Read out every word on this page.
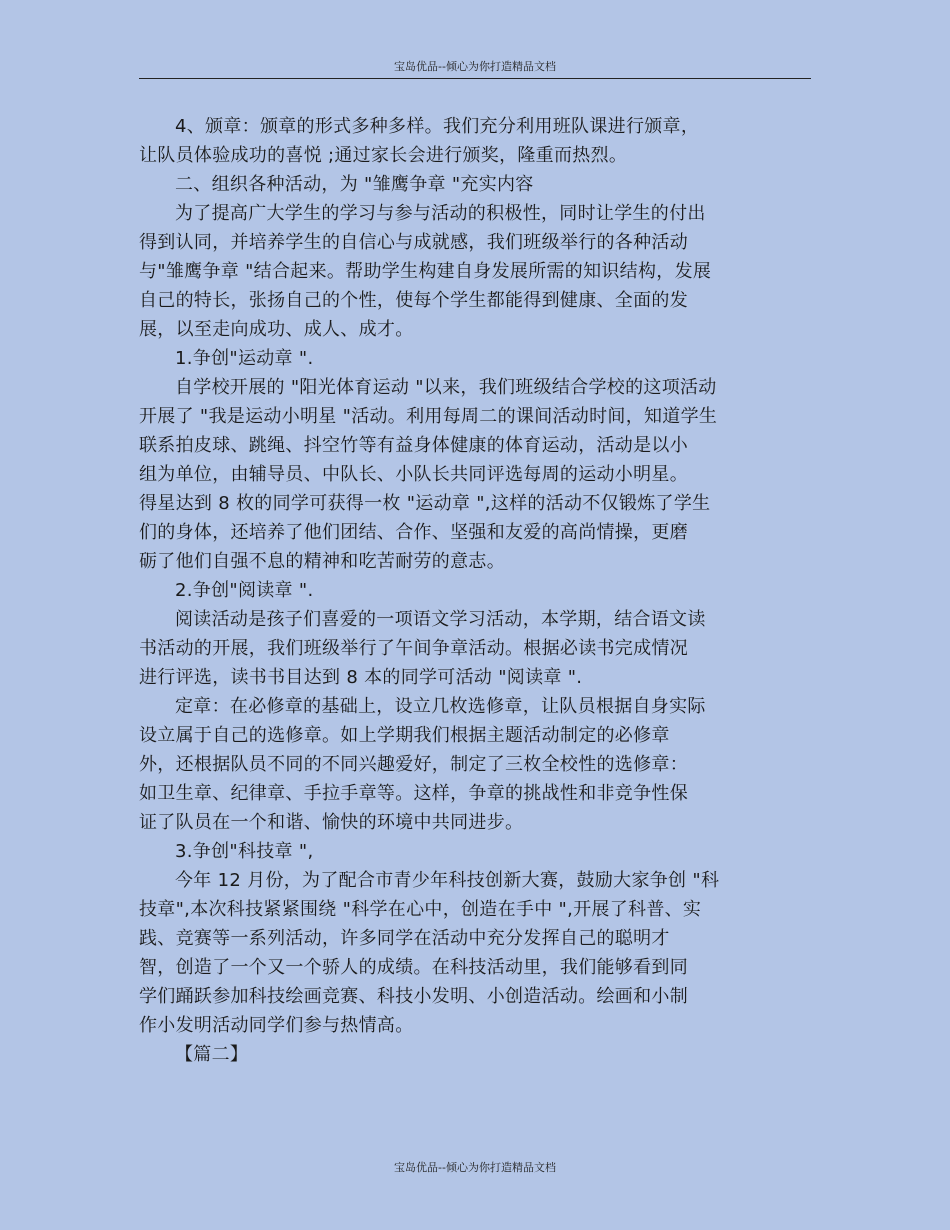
宝岛优品--倾心为你打造精品文档
4、颁章：颁章的形式多种多样。我们充分利用班队课进行颁章，
让队员体验成功的喜悦 ;通过家长会进行颁奖，隆重而热烈。
二、组织各种活动，为 "雏鹰争章 "充实内容
为了提高广大学生的学习与参与活动的积极性，同时让学生的付出
得到认同，并培养学生的自信心与成就感，我们班级举行的各种活动
与"雏鹰争章 "结合起来。帮助学生构建自身发展所需的知识结构，发展
自己的特长，张扬自己的个性，使每个学生都能得到健康、全面的发
展，以至走向成功、成人、成才。
1.争创"运动章 ".
自学校开展的 "阳光体育运动 "以来，我们班级结合学校的这项活动
开展了 "我是运动小明星 "活动。利用每周二的课间活动时间，知道学生
联系拍皮球、跳绳、抖空竹等有益身体健康的体育运动，活动是以小
组为单位，由辅导员、中队长、小队长共同评选每周的运动小明星。
得星达到 8 枚的同学可获得一枚 "运动章 ",这样的活动不仅锻炼了学生
们的身体，还培养了他们团结、合作、坚强和友爱的高尚情操，更磨
砺了他们自强不息的精神和吃苦耐劳的意志。
2.争创"阅读章 ".
阅读活动是孩子们喜爱的一项语文学习活动，本学期，结合语文读
书活动的开展，我们班级举行了午间争章活动。根据必读书完成情况
进行评选，读书书目达到 8 本的同学可活动 "阅读章 ".
定章：在必修章的基础上，设立几枚选修章，让队员根据自身实际
设立属于自己的选修章。如上学期我们根据主题活动制定的必修章
外，还根据队员不同的不同兴趣爱好，制定了三枚全校性的选修章：
如卫生章、纪律章、手拉手章等。这样，争章的挑战性和非竞争性保
证了队员在一个和谐、愉快的环境中共同进步。
3.争创"科技章 ",
今年 12 月份，为了配合市青少年科技创新大赛，鼓励大家争创 "科
技章",本次科技紧紧围绕 "科学在心中，创造在手中 ",开展了科普、实
践、竞赛等一系列活动，许多同学在活动中充分发挥自己的聪明才
智，创造了一个又一个骄人的成绩。在科技活动里，我们能够看到同
学们踊跃参加科技绘画竞赛、科技小发明、小创造活动。绘画和小制
作小发明活动同学们参与热情高。
【篇二】
宝岛优品--倾心为你打造精品文档
